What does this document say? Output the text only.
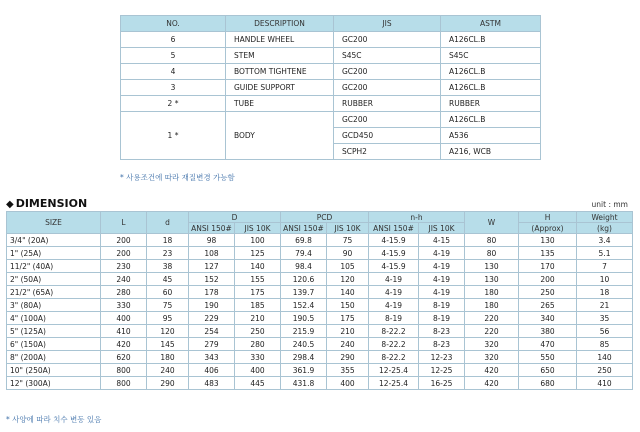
NO.	DESCRIPTION	JIS	ASTM
6	HANDLE WHEEL	GC200	A126CL.B
5	STEM	S45C	S45C
4	BOTTOM TIGHTENE	GC200	A126CL.B
3	GUIDE SUPPORT	GC200	A126CL.B
2 *	TUBE	RUBBER	RUBBER
1 *	BODY	GC200	A126CL.B
		GCD450	A536
		SCPH2	A216, WCB
* 사용조건에 따라 재질변경 가능함
◆ DIMENSION	unit : mm
SIZE	L	d	D		PCD		n-h		W	H	Weight
			ANSI 150#	JIS 10K	ANSI 150#	JIS 10K	ANSI 150#	JIS 10K		(Approx)	(kg)
3/4" (20A)	200	18	98	100	69.8	75	4-15.9	4-15	80	130	3.4
1" (25A)	200	23	108	125	79.4	90	4-15.9	4-19	80	135	5.1
11/2" (40A)	230	38	127	140	98.4	105	4-15.9	4-19	130	170	7
2" (50A)	240	45	152	155	120.6	120	4-19	4-19	130	200	10
21/2" (65A)	280	60	178	175	139.7	140	4-19	4-19	180	250	18
3" (80A)	330	75	190	185	152.4	150	4-19	8-19	180	265	21
4" (100A)	400	95	229	210	190.5	175	8-19	8-19	220	340	35
5" (125A)	410	120	254	250	215.9	210	8-22.2	8-23	220	380	56
6" (150A)	420	145	279	280	240.5	240	8-22.2	8-23	320	470	85
8" (200A)	620	180	343	330	298.4	290	8-22.2	12-23	320	550	140
10" (250A)	800	240	406	400	361.9	355	12-25.4	12-25	420	650	250
12" (300A)	800	290	483	445	431.8	400	12-25.4	16-25	420	680	410
* 사양에 따라 치수 변동 있음
